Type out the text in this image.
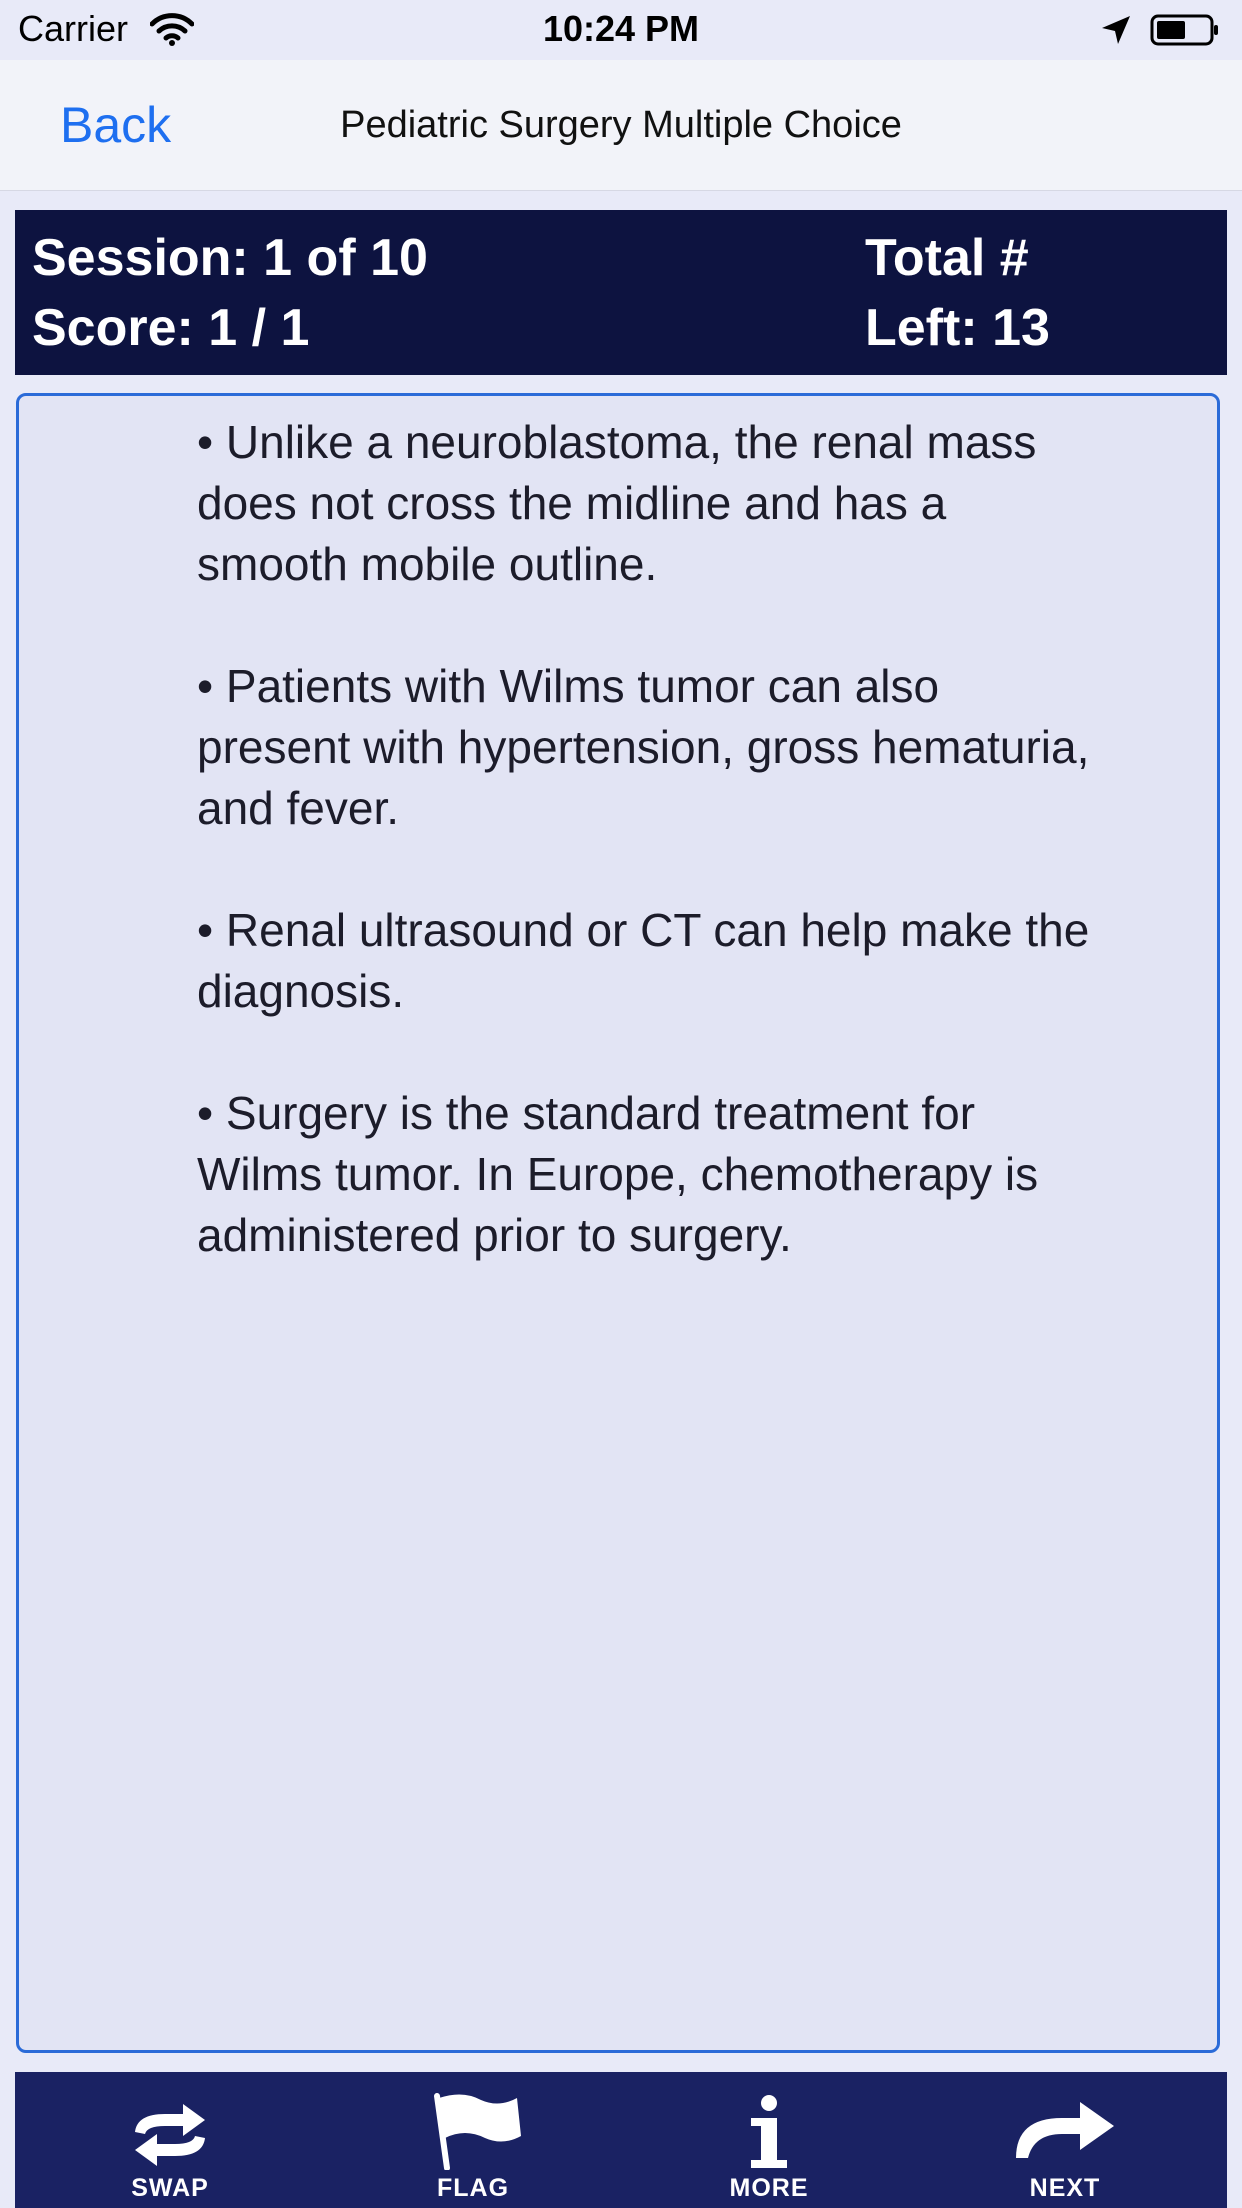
Carrier	10:24 PM
Back	Pediatric Surgery Multiple Choice
Session: 1 of 10
Score: 1 / 1
Total #
Left: 13

• Unlike a neuroblastoma, the renal mass does not cross the midline and has a smooth mobile outline.

• Patients with Wilms tumor can also present with hypertension, gross hematuria, and fever.

• Renal ultrasound or CT can help make the diagnosis.

• Surgery is the standard treatment for Wilms tumor. In Europe, chemotherapy is administered prior to surgery.

SWAP	FLAG	MORE	NEXT
